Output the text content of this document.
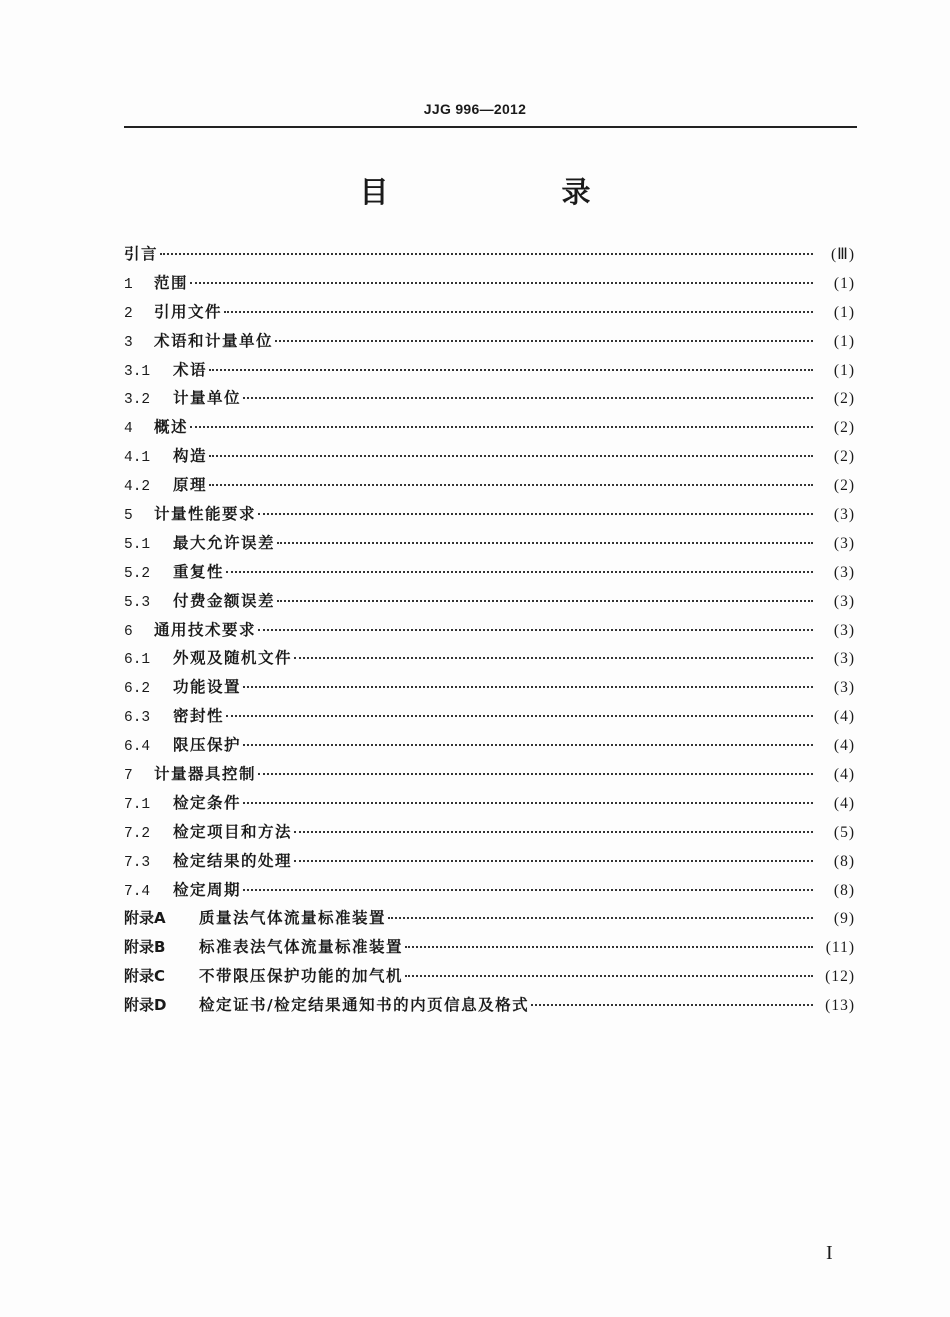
JJG 996—2012
目　录
引言	(Ⅲ)
1	范围	(1)
2	引用文件	(1)
3	术语和计量单位	(1)
3.1	术语	(1)
3.2	计量单位	(2)
4	概述	(2)
4.1	构造	(2)
4.2	原理	(2)
5	计量性能要求	(3)
5.1	最大允许误差	(3)
5.2	重复性	(3)
5.3	付费金额误差	(3)
6	通用技术要求	(3)
6.1	外观及随机文件	(3)
6.2	功能设置	(3)
6.3	密封性	(4)
6.4	限压保护	(4)
7	计量器具控制	(4)
7.1	检定条件	(4)
7.2	检定项目和方法	(5)
7.3	检定结果的处理	(8)
7.4	检定周期	(8)
附录A	质量法气体流量标准装置	(9)
附录B	标准表法气体流量标准装置	(11)
附录C	不带限压保护功能的加气机	(12)
附录D	检定证书/检定结果通知书的内页信息及格式	(13)
I
